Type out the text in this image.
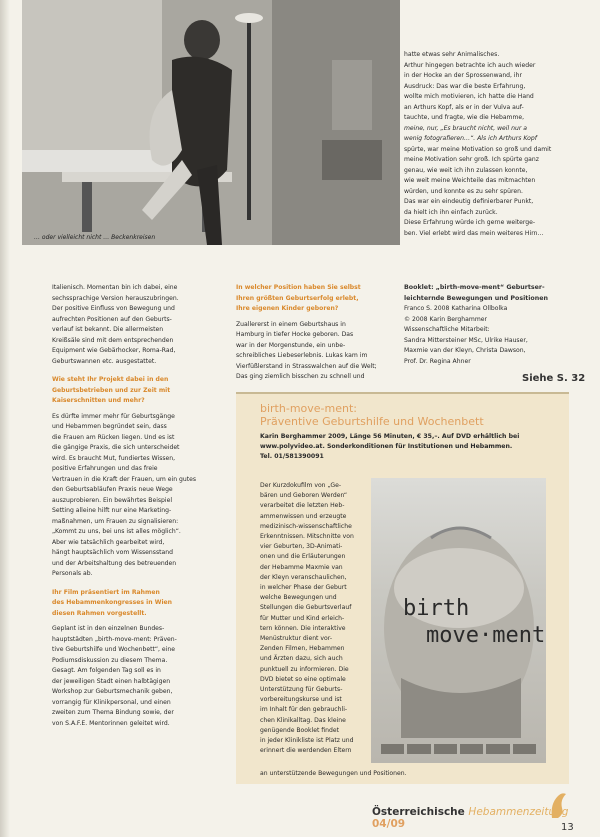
… oder vielleicht nicht … Beckenkreisen
hatte etwas sehr Animalisches.
Arthur hingegen betrachte ich auch wieder
in der Hocke an der Sprossenwand, ihr
Ausdruck: Das war die beste Erfahrung,
wollte mich motivieren, ich hatte die Hand
an Arthurs Kopf, als er in der Vulva auf-
tauchte, und fragte, wie die Hebamme,
meine, nur, „Es braucht nicht, weil nur a
wenig fotografieren…“. Als ich Arthurs Kopf
spürte, war meine Motivation so groß und damit
meine Motivation sehr groß. Ich spürte ganz
genau, wie weit ich ihn zulassen konnte,
wie weit meine Weichteile das mitmachten
würden, und konnte es zu sehr spüren.
Das war ein eindeutig definierbarer Punkt,
da hielt ich ihn einfach zurück.
Diese Erfahrung würde ich gerne weiterge-
ben. Viel erlebt wird das mein weiteres Hirn…
Italienisch. Momentan bin ich dabei, eine
sechssprachige Version herauszubringen.
Der positive Einfluss von Bewegung und
aufrechten Positionen auf den Geburts-
verlauf ist bekannt. Die allermeisten
Kreißsäle sind mit dem entsprechenden
Equipment wie Gebärhocker, Roma-Rad,
Geburtswannen etc. ausgestattet.
Wie steht Ihr Projekt dabei in den
Geburtsbetrieben und zur Zeit mit
Kaiserschnitten und mehr?
Es dürfte immer mehr für Geburtsgänge
und Hebammen begründet sein, dass
die Frauen am Rücken liegen. Und es ist
die gängige Praxis, die sich unterscheidet
wird. Es braucht Mut, fundiertes Wissen,
positive Erfahrungen und das freie
Vertrauen in die Kraft der Frauen, um ein gutes
den Geburtsabläufen Praxis neue Wege
auszuprobieren. Ein bewährtes Beispiel
Setting alleine hilft nur eine Marketing-
maßnahmen, um Frauen zu signalisieren:
„Kommt zu uns, bei uns ist alles möglich“.
Aber wie tatsächlich gearbeitet wird,
hängt hauptsächlich vom Wissensstand
und der Arbeitshaltung des betreuenden
Personals ab.
Ihr Film präsentiert im Rahmen
des Hebammenkongresses in Wien
diesen Rahmen vorgestellt.
Geplant ist in den einzelnen Bundes-
hauptstädten „birth-move-ment: Präven-
tive Geburtshilfe und Wochenbett“, eine
Podiumsdiskussion zu diesem Thema.
Gesagt. Am folgenden Tag soll es in
der jeweiligen Stadt einen halbtägigen
Workshop zur Geburtsmechanik geben,
vorrangig für Klinikpersonal, und einen
zweiten zum Thema Bindung sowie, der
von S.A.F.E. Mentorinnen geleitet wird.
In welcher Position haben Sie selbst
Ihren größten Geburtserfolg erlebt,
Ihre eigenen Kinder geboren?
Zuallererst in einem Geburtshaus in
Hamburg in tiefer Hocke geboren. Das
war in der Morgenstunde, ein unbe-
schreibliches Liebeserlebnis. Lukas kam im
Vierfüßlerstand in Strasswalchen auf die Welt;
Das ging ziemlich bisschen zu schnell und
Booklet: „birth-move-ment“ Geburtser-
leichternde Bewegungen und Positionen
Franco S. 2008 Katharina Ollbolka
© 2008 Karin Berghammer
Wissenschaftliche Mitarbeit:
Sandra Mittersteiner MSc, Ulrike Hauser,
Maxmie van der Kleyn, Christa Dawson,
Prof. Dr. Regina Ahner
Siehe S. 32
birth-move-ment:
Präventive Geburtshilfe und Wochenbett
Karin Berghammer 2009, Länge 56 Minuten, € 35,–. Auf DVD erhältlich bei
www.polyvideo.at. Sonderkonditionen für Institutionen und Hebammen.
Tel. 01/581390091
Der Kurzdokufilm von „Ge-
bären und Geboren Werden“
verarbeitet die letzten Heb-
ammenwissen und erzeugte
medizinisch-wissenschaftliche
Erkenntnissen. Mitschnitte von
vier Geburten, 3D-Animati-
onen und die Erläuterungen
der Hebamme Maxmie van
der Kleyn veranschaulichen,
in welcher Phase der Geburt
welche Bewegungen und
Stellungen die Geburtsverlauf
für Mutter und Kind erleich-
tern können. Die interaktive
Menüstruktur dient vor-
Zenden Filmen, Hebammen
und Ärzten dazu, sich auch
punktuell zu informieren. Die
DVD bietet so eine optimale
Unterstützung für Geburts-
vorbereitungskurse und ist
im Inhalt für den gebrauchli-
chen Klinikalltag. Das kleine
genügende Booklet findet
in jeder Klinikliste ist Platz und
erinnert die werdenden Eltern
birth
move·ment
an unterstützende Bewegungen und Positionen.
Österreichische Hebammenzeitung 04/09	13
